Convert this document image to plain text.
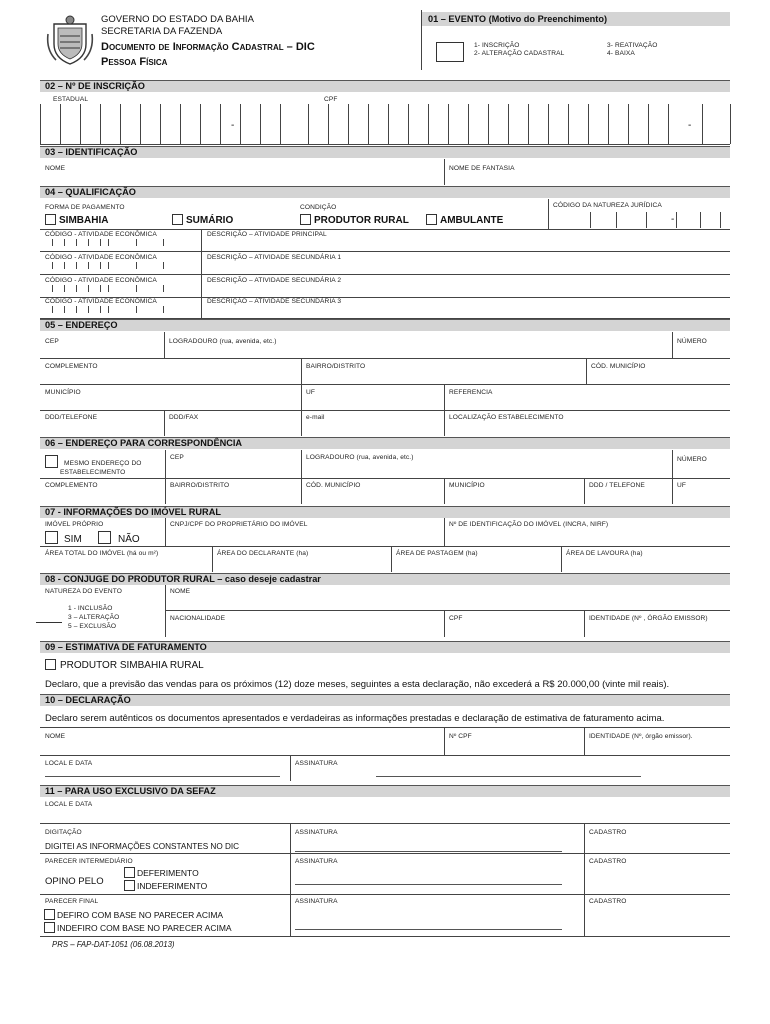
GOVERNO DO ESTADO DA BAHIA
SECRETARIA DA FAZENDA
Documento de Informação Cadastral – DIC
Pessoa Física
01 – EVENTO (Motivo do Preenchimento)
1- INSCRIÇÃO
2- ALTERAÇÃO CADASTRAL
3- REATIVAÇÃO
4- BAIXA
02 – Nº DE INSCRIÇÃO
ESTADUAL	CPF
-	-
03 – IDENTIFICAÇÃO
NOME	NOME DE FANTASIA
04 – QUALIFICAÇÃO
FORMA DE PAGAMENTO	CONDIÇÃO	CÓDIGO DA NATUREZA JURÍDICA
SIMBAHIA	SUMÁRIO	PRODUTOR RURAL	AMBULANTE	-
CÓDIGO - ATIVIDADE ECONÔMICA	DESCRIÇÃO – ATIVIDADE PRINCIPAL
CÓDIGO - ATIVIDADE ECONÔMICA	DESCRIÇÃO – ATIVIDADE SECUNDÁRIA 1
CÓDIGO - ATIVIDADE ECONÔMICA	DESCRIÇÃO – ATIVIDADE SECUNDÁRIA 2
CÓDIGO - ATIVIDADE ECONÔMICA	DESCRIÇÃO – ATIVIDADE SECUNDÁRIA 3
05 – ENDEREÇO
CEP	LOGRADOURO (rua, avenida, etc.)	NÚMERO
COMPLEMENTO	BAIRRO/DISTRITO	CÓD. MUNICÍPIO
MUNICÍPIO	UF	REFERENCIA
DDD/TELEFONE	DDD/FAX	e-mail	LOCALIZAÇÃO ESTABELECIMENTO
06 – ENDEREÇO PARA CORRESPONDÊNCIA
MESMO ENDEREÇO DO
ESTABELECIMENTO
CEP	LOGRADOURO (rua, avenida, etc.)	NÚMERO
COMPLEMENTO	BAIRRO/DISTRITO	CÓD. MUNICÍPIO	MUNICÍPIO	DDD / TELEFONE	UF
07 - INFORMAÇÕES DO IMÓVEL RURAL
IMÓVEL PRÓPRIO	CNPJ/CPF DO PROPRIETÁRIO DO IMÓVEL	Nº DE IDENTIFICAÇÃO DO IMÓVEL (INCRA, NIRF)
SIM	NÃO
ÁREA TOTAL DO IMÓVEL (há ou m²)	ÁREA DO DECLARANTE (ha)	ÁREA DE PASTAGEM (ha)	ÁREA DE LAVOURA (ha)
08 - CONJUGE DO PRODUTOR RURAL – caso deseje cadastrar
NATUREZA DO EVENTO	NOME
1 - INCLUSÃO
3 – ALTERAÇÃO
5 – EXCLUSÃO
NACIONALIDADE	CPF	IDENTIDADE (Nº , ÓRGÃO EMISSOR)
09 – ESTIMATIVA DE FATURAMENTO
PRODUTOR SIMBAHIA RURAL
Declaro, que a previsão das vendas para os próximos (12) doze meses, seguintes a esta declaração, não excederá a R$ 20.000,00 (vinte mil reais).
10 – DECLARAÇÃO
Declaro serem autênticos os documentos apresentados e verdadeiras as informações prestadas e declaração de estimativa de faturamento acima.
NOME	Nº CPF	IDENTIDADE (Nº, órgão emissor).
LOCAL E DATA	ASSINATURA
11 – PARA USO EXCLUSIVO DA SEFAZ
LOCAL E DATA
DIGITAÇÃO
DIGITEI AS INFORMAÇÕES CONSTANTES NO DIC
ASSINATURA	CADASTRO
PARECER INTERMEDIÁRIO
OPINO PELO
DEFERIMENTO
INDEFERIMENTO
ASSINATURA	CADASTRO
PARECER FINAL
DEFIRO COM BASE NO PARECER ACIMA
INDEFIRO COM BASE NO PARECER ACIMA
ASSINATURA	CADASTRO
PRS – FAP-DAT-1051 (06.08.2013)
